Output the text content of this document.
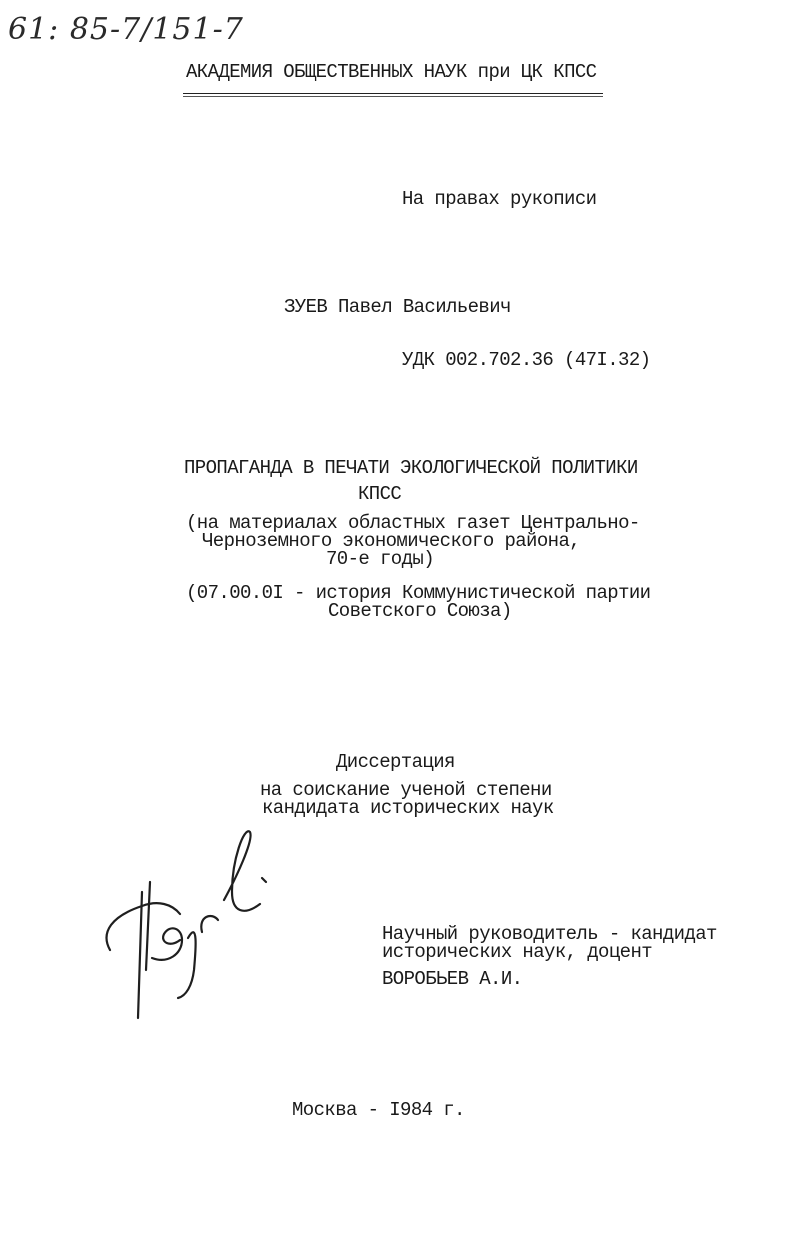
61: 85-7/151-7
АКАДЕМИЯ ОБЩЕСТВЕННЫХ НАУК при ЦК КПСС
На правах рукописи
ЗУЕВ Павел Васильевич
УДК 002.702.36 (47I.32)
ПРОПАГАНДА В ПЕЧАТИ ЭКОЛОГИЧЕСКОЙ ПОЛИТИКИ
КПСС
(на материалах областных газет Центрально-
Черноземного экономического района,
70-е годы)
(07.00.0I - история Коммунистической партии
Советского Союза)
Диссертация
на соискание ученой степени
кандидата исторических наук
Научный руководитель - кандидат
исторических наук, доцент
ВОРОБЬЕВ А.И.
Москва - I984 г.
